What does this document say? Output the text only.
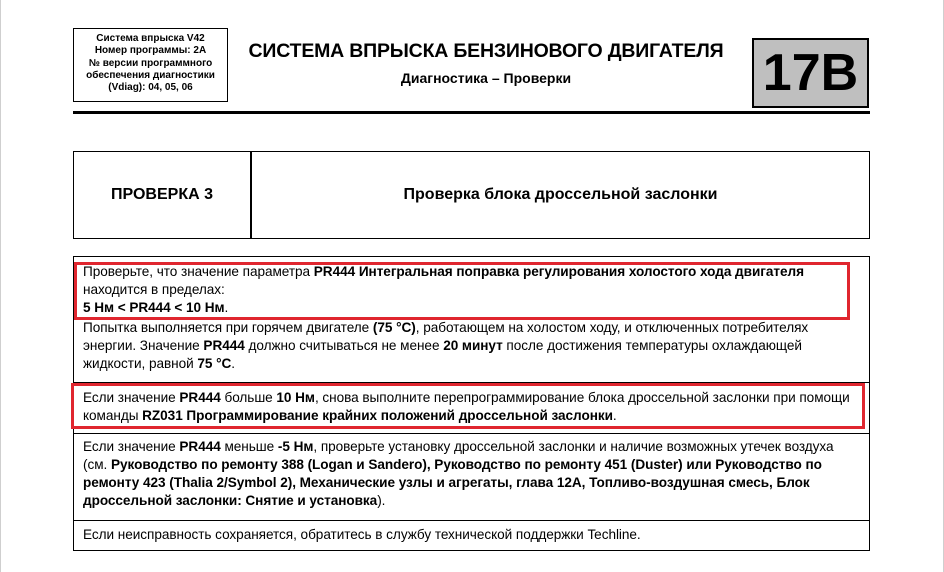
Система впрыска V42
Номер программы: 2A
№ версии программного
обеспечения диагностики
(Vdiag): 04, 05, 06
СИСТЕМА ВПРЫСКА БЕНЗИНОВОГО ДВИГАТЕЛЯ
Диагностика – Проверки	17B
ПРОВЕРКА 3	Проверка блока дроссельной заслонки
Проверьте, что значение параметра PR444 Интегральная поправка регулирования холостого хода двигателя находится в пределах:
5 Нм < PR444 < 10 Нм.
Попытка выполняется при горячем двигателе (75 °C), работающем на холостом ходу, и отключенных потребителях энергии. Значение PR444 должно считываться не менее 20 минут после достижения температуры охлаждающей жидкости, равной 75 °C.
Если значение PR444 больше 10 Нм, снова выполните перепрограммирование блока дроссельной заслонки при помощи команды RZ031 Программирование крайних положений дроссельной заслонки.
Если значение PR444 меньше -5 Нм, проверьте установку дроссельной заслонки и наличие возможных утечек воздуха (см. Руководство по ремонту 388 (Logan и Sandero), Руководство по ремонту 451 (Duster) или Руководство по ремонту 423 (Thalia 2/Symbol 2), Механические узлы и агрегаты, глава 12A, Топливо-воздушная смесь, Блок дроссельной заслонки: Снятие и установка).
Если неисправность сохраняется, обратитесь в службу технической поддержки Techline.
